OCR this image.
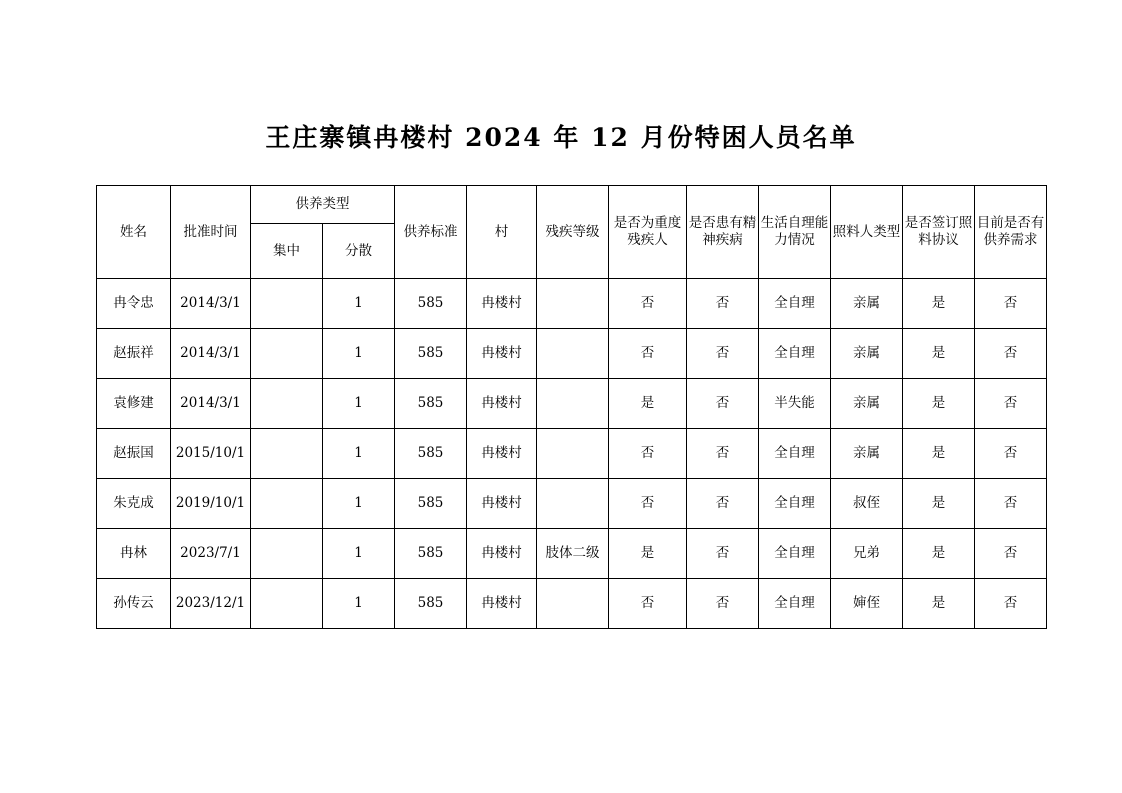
王庄寨镇冉楼村 2024 年 12 月份特困人员名单
姓名	批准时间	供养类型		供养标准	村	残疾等级	是否为重度残疾人	是否患有精神疾病	生活自理能力情况	照料人类型	是否签订照料协议	目前是否有供养需求
		集中	分散									
冉令忠	2014/3/1		1	585	冉楼村		否	否	全自理	亲属	是	否
赵振祥	2014/3/1		1	585	冉楼村		否	否	全自理	亲属	是	否
袁修建	2014/3/1		1	585	冉楼村		是	否	半失能	亲属	是	否
赵振国	2015/10/1		1	585	冉楼村		否	否	全自理	亲属	是	否
朱克成	2019/10/1		1	585	冉楼村		否	否	全自理	叔侄	是	否
冉林	2023/7/1		1	585	冉楼村	肢体二级	是	否	全自理	兄弟	是	否
孙传云	2023/12/1		1	585	冉楼村		否	否	全自理	婶侄	是	否
